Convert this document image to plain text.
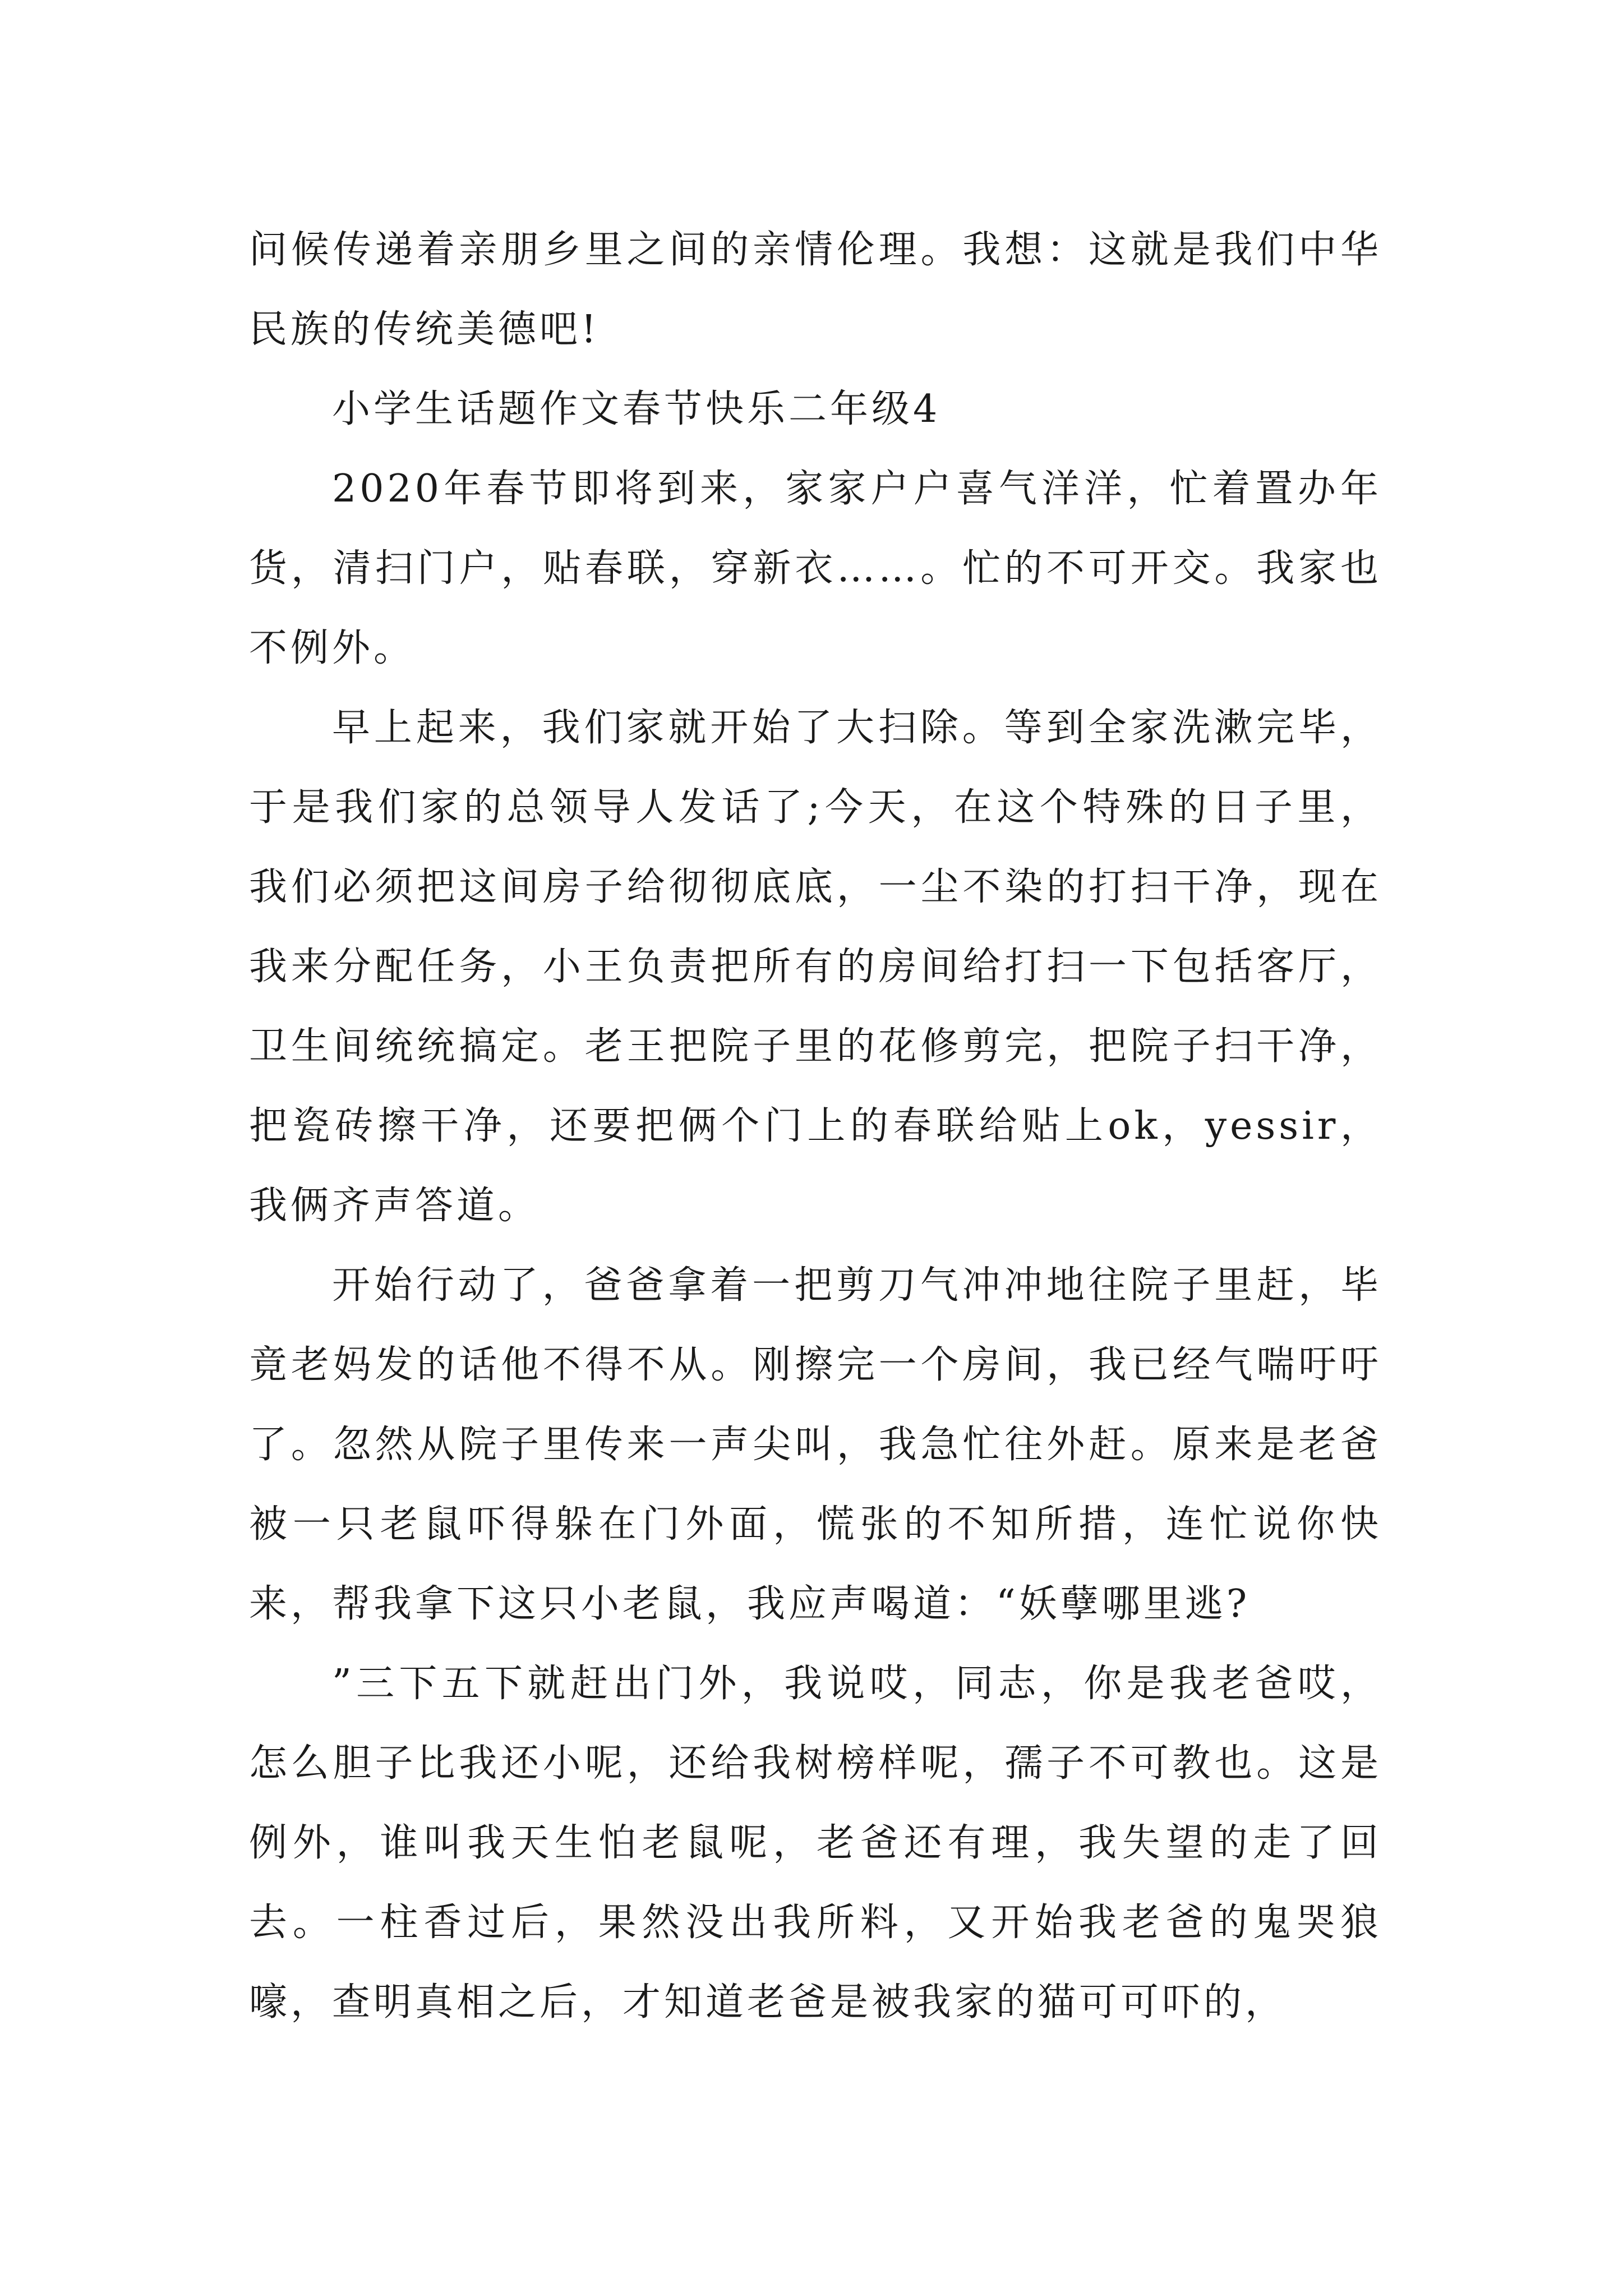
问候传递着亲朋乡里之间的亲情伦理。我想：这就是我们中华民族的传统美德吧!

小学生话题作文春节快乐二年级4

2020年春节即将到来，家家户户喜气洋洋，忙着置办年货，清扫门户，贴春联，穿新衣……。忙的不可开交。我家也不例外。

早上起来，我们家就开始了大扫除。等到全家洗漱完毕，于是我们家的总领导人发话了;今天，在这个特殊的日子里，我们必须把这间房子给彻彻底底，一尘不染的打扫干净，现在我来分配任务，小王负责把所有的房间给打扫一下包括客厅，卫生间统统搞定。老王把院子里的花修剪完，把院子扫干净，把瓷砖擦干净，还要把俩个门上的春联给贴上ok，yessir，我俩齐声答道。

开始行动了，爸爸拿着一把剪刀气冲冲地往院子里赶，毕竟老妈发的话他不得不从。刚擦完一个房间，我已经气喘吁吁了。忽然从院子里传来一声尖叫，我急忙往外赶。原来是老爸被一只老鼠吓得躲在门外面，慌张的不知所措，连忙说你快来，帮我拿下这只小老鼠，我应声喝道：“妖孽哪里逃?

”三下五下就赶出门外，我说哎，同志，你是我老爸哎，怎么胆子比我还小呢，还给我树榜样呢，孺子不可教也。这是例外，谁叫我天生怕老鼠呢，老爸还有理，我失望的走了回去。一柱香过后，果然没出我所料，又开始我老爸的鬼哭狼嚎，查明真相之后，才知道老爸是被我家的猫可可吓的，
